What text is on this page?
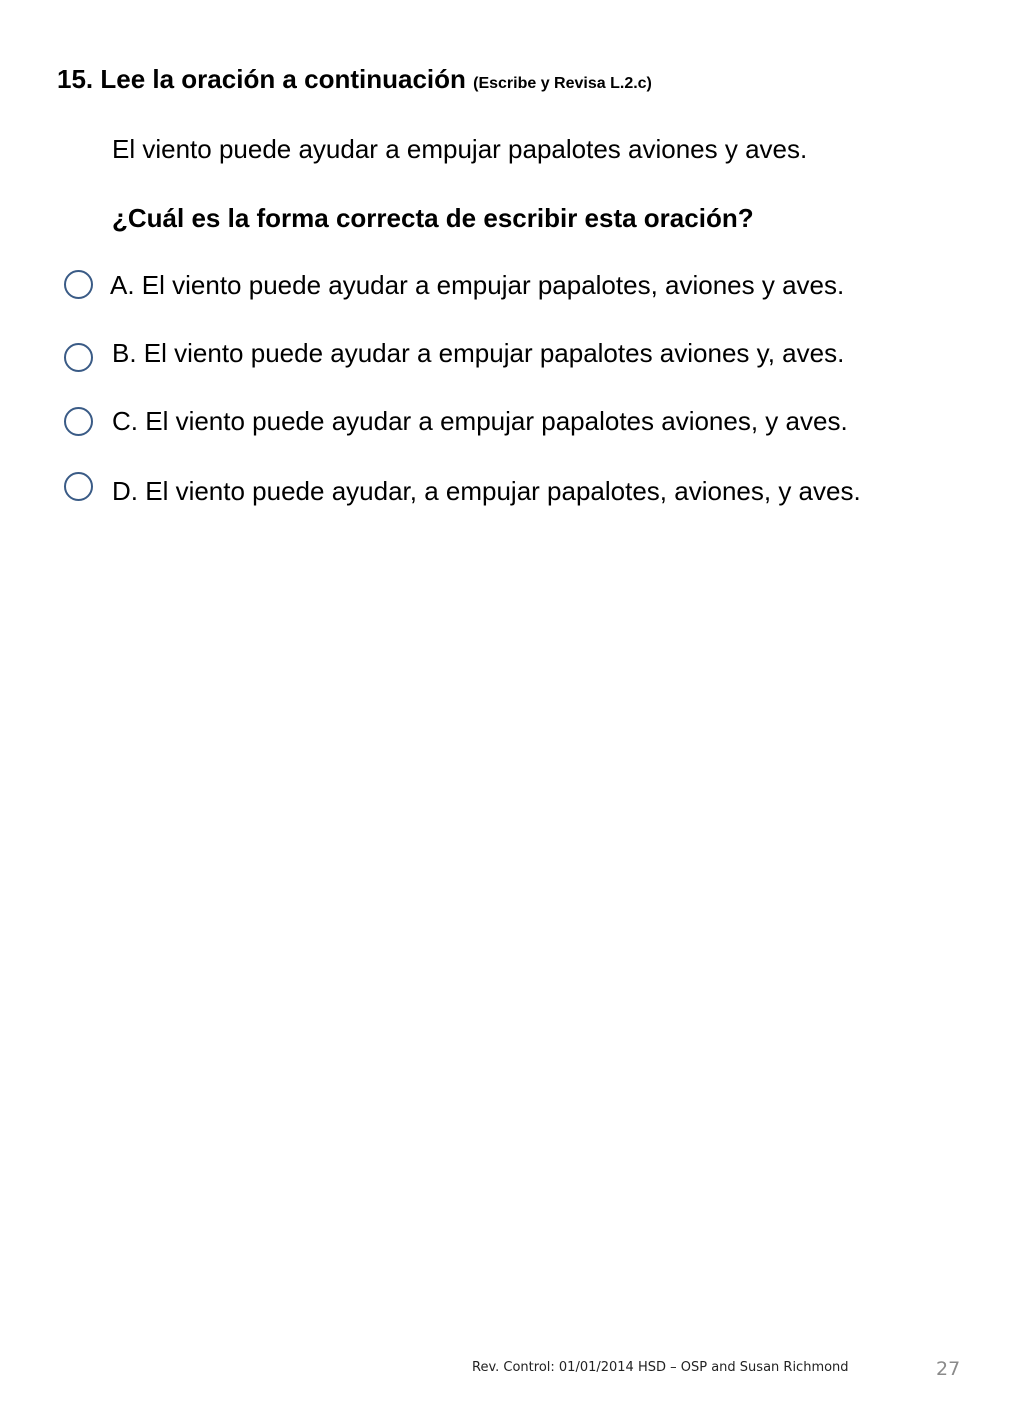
15. Lee la oración a continuación (Escribe y Revisa L.2.c)
El viento puede ayudar a empujar papalotes aviones y aves.
¿Cuál es la forma correcta de escribir esta oración?
A. El viento puede ayudar a empujar papalotes, aviones y aves.
B. El viento puede ayudar a empujar papalotes aviones y, aves.
C. El viento puede ayudar a empujar papalotes aviones, y aves.
D. El viento puede ayudar, a empujar papalotes, aviones, y aves.
Rev. Control: 01/01/2014 HSD – OSP and Susan Richmond	27
